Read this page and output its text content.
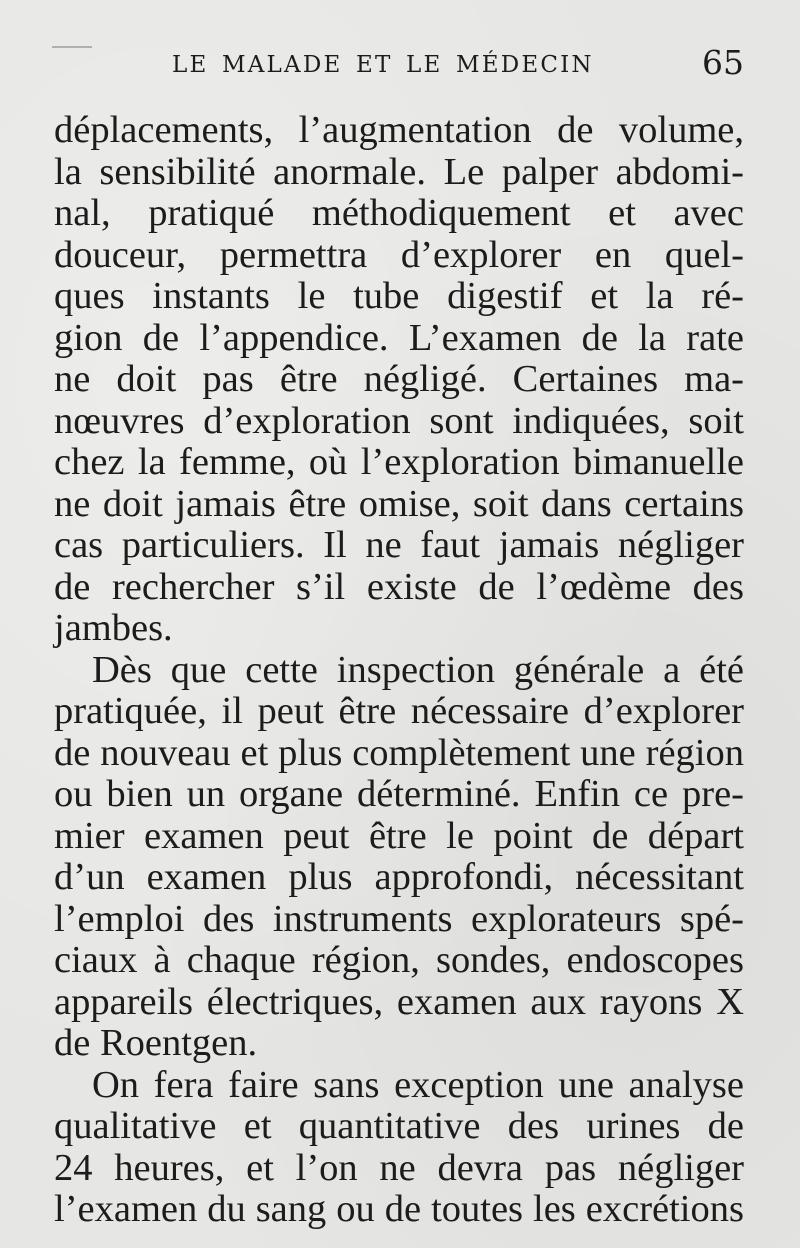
LE MALADE ET LE MÉDECIN	65
déplacements, l’augmentation de volume,
la sensibilité anormale. Le palper abdomi-
nal, pratiqué méthodiquement et avec
douceur, permettra d’explorer en quel-
ques instants le tube digestif et la ré-
gion de l’appendice. L’examen de la rate
ne doit pas être négligé. Certaines ma-
nœuvres d’exploration sont indiquées, soit
chez la femme, où l’exploration bimanuelle
ne doit jamais être omise, soit dans certains
cas particuliers. Il ne faut jamais négliger
de rechercher s’il existe de l’œdème des
jambes.
Dès que cette inspection générale a été
pratiquée, il peut être nécessaire d’explorer
de nouveau et plus complètement une région
ou bien un organe déterminé. Enfin ce pre-
mier examen peut être le point de départ
d’un examen plus approfondi, nécessitant
l’emploi des instruments explorateurs spé-
ciaux à chaque région, sondes, endoscopes
appareils électriques, examen aux rayons X
de Roentgen.
On fera faire sans exception une analyse
qualitative et quantitative des urines de
24 heures, et l’on ne devra pas négliger
l’examen du sang ou de toutes les excrétions
